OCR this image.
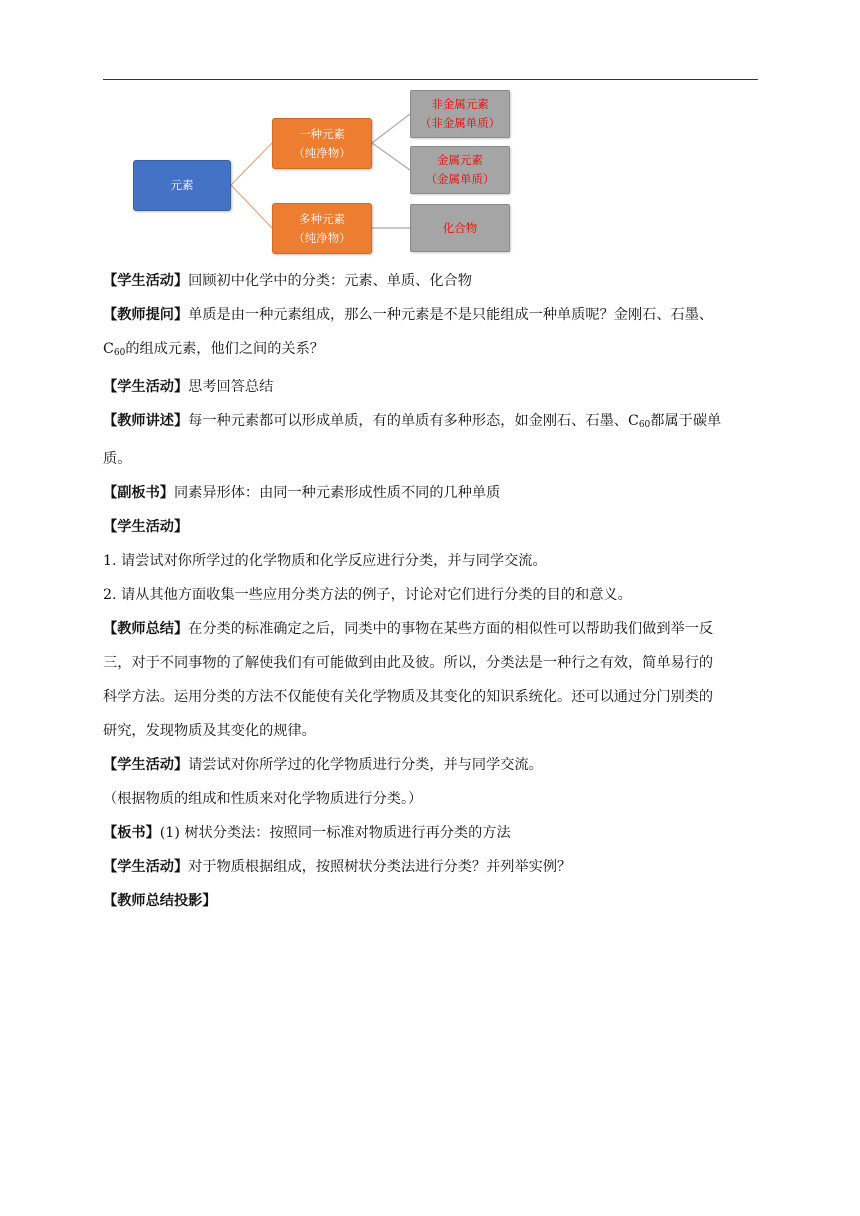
元素
一种元素
（纯净物）
多种元素
（纯净物）
非金属元素
（非金属单质）
金属元素
（金属单质）
化合物

【学生活动】回顾初中化学中的分类：元素、单质、化合物

【教师提问】单质是由一种元素组成，那么一种元素是不是只能组成一种单质呢？金刚石、石墨、

$C_{60}$的组成元素，他们之间的关系？

【学生活动】思考回答总结

【教师讲述】每一种元素都可以形成单质，有的单质有多种形态，如金刚石、石墨、$C_{60}$都属于碳单

质。

【副板书】同素异形体：由同一种元素形成性质不同的几种单质

【学生活动】

1. 请尝试对你所学过的化学物质和化学反应进行分类，并与同学交流。

2. 请从其他方面收集一些应用分类方法的例子，讨论对它们进行分类的目的和意义。

【教师总结】在分类的标准确定之后，同类中的事物在某些方面的相似性可以帮助我们做到举一反

三，对于不同事物的了解使我们有可能做到由此及彼。所以，分类法是一种行之有效，简单易行的

科学方法。运用分类的方法不仅能使有关化学物质及其变化的知识系统化。还可以通过分门别类的

研究，发现物质及其变化的规律。

【学生活动】请尝试对你所学过的化学物质进行分类，并与同学交流。

（根据物质的组成和性质来对化学物质进行分类。）

【板书】(1) 树状分类法：按照同一标准对物质进行再分类的方法

【学生活动】对于物质根据组成，按照树状分类法进行分类？并列举实例？

【教师总结投影】
